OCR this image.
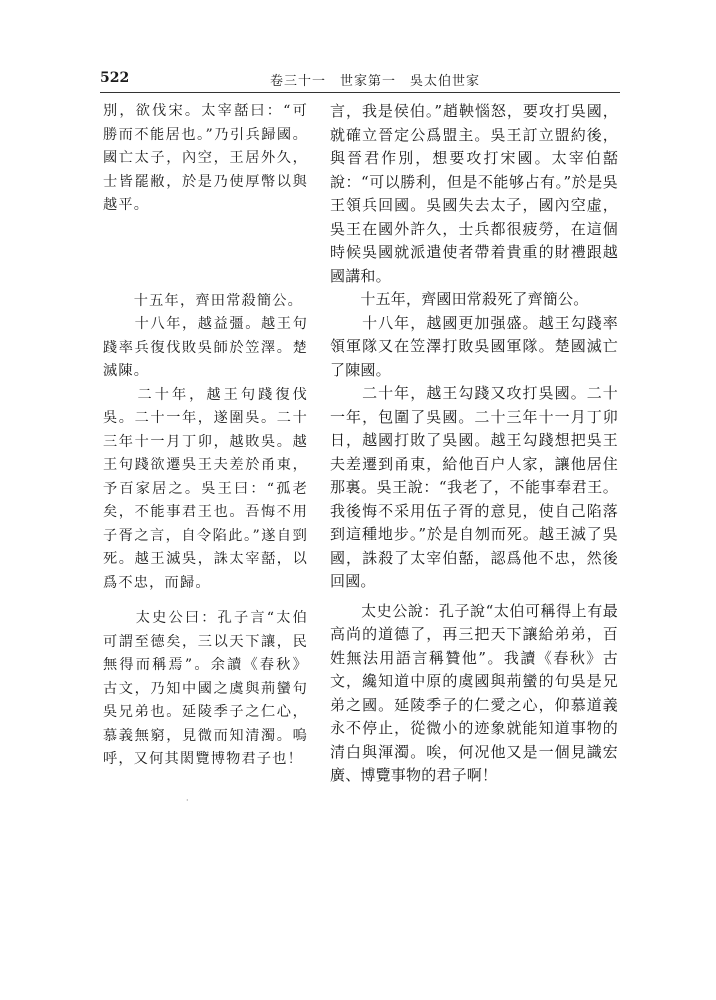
522	卷三十一　世家第一　吳太伯世家

別，欲伐宋。太宰嚭曰：“可勝而不能居也。”乃引兵歸國。國亡太子，內空，王居外久，士皆罷敝，於是乃使厚幣以與越平。

　　十五年，齊田常殺簡公。

　　十八年，越益彊。越王句踐率兵復伐敗吳師於笠澤。楚滅陳。

　　二十年，越王句踐復伐吳。二十一年，遂圍吳。二十三年十一月丁卯，越敗吳。越王句踐欲遷吳王夫差於甬東，予百家居之。吳王曰：“孤老矣，不能事君王也。吾悔不用子胥之言，自令陷此。”遂自剄死。越王滅吳，誅太宰嚭，以爲不忠，而歸。

　　太史公曰：孔子言“太伯可謂至德矣，三以天下讓，民無得而稱焉”。余讀《春秋》古文，乃知中國之虞與荊蠻句吳兄弟也。延陵季子之仁心，慕義無窮，見微而知清濁。嗚呼，又何其閎覽博物君子也！

言，我是侯伯。”趙鞅惱怒，要攻打吳國，就確立晉定公爲盟主。吳王訂立盟約後，與晉君作別，想要攻打宋國。太宰伯嚭說：“可以勝利，但是不能够占有。”於是吳王領兵回國。吳國失去太子，國內空虛，吳王在國外許久，士兵都很疲勞，在這個時候吳國就派遣使者帶着貴重的財禮跟越國講和。

　　十五年，齊國田常殺死了齊簡公。

　　十八年，越國更加强盛。越王勾踐率領軍隊又在笠澤打敗吳國軍隊。楚國滅亡了陳國。

　　二十年，越王勾踐又攻打吳國。二十一年，包圍了吳國。二十三年十一月丁卯日，越國打敗了吳國。越王勾踐想把吳王夫差遷到甬東，給他百户人家，讓他居住那裏。吳王說：“我老了，不能事奉君王。我後悔不采用伍子胥的意見，使自己陷落到這種地步。”於是自刎而死。越王滅了吳國，誅殺了太宰伯嚭，認爲他不忠，然後回國。

　　太史公說：孔子說“太伯可稱得上有最高尚的道德了，再三把天下讓給弟弟，百姓無法用語言稱贊他”。我讀《春秋》古文，纔知道中原的虞國與荊蠻的句吳是兄弟之國。延陵季子的仁愛之心，仰慕道義永不停止，從微小的迹象就能知道事物的清白與渾濁。唉，何况他又是一個見識宏廣、博覽事物的君子啊！

·
